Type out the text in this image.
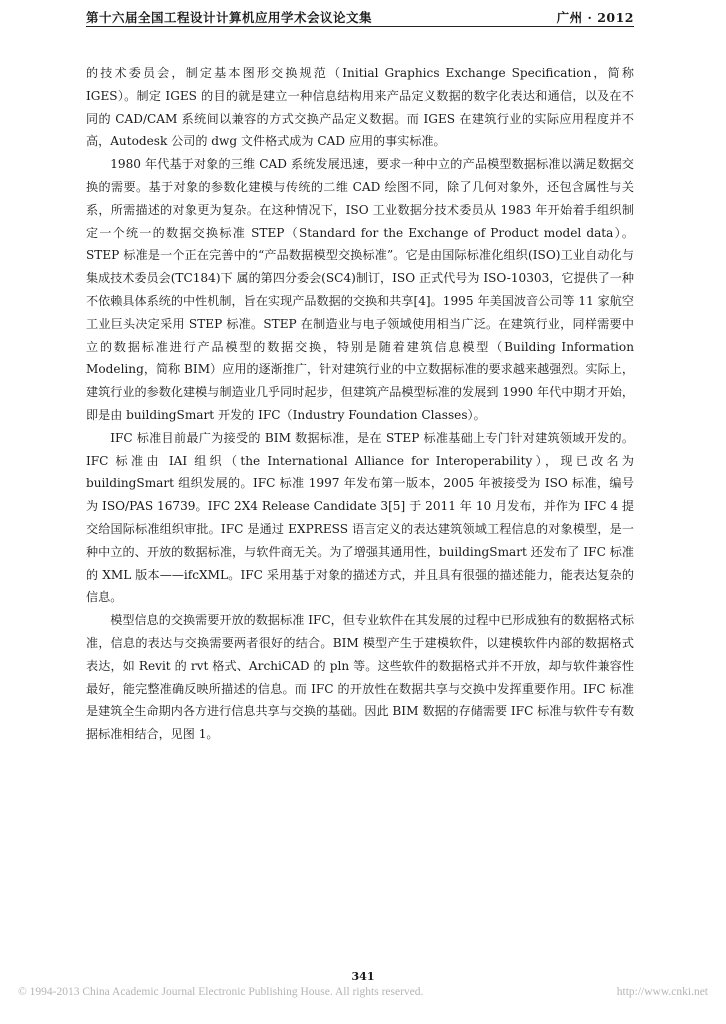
第十六届全国工程设计计算机应用学术会议论文集	广州 · 2012

的技术委员会，制定基本图形交换规范（Initial Graphics Exchange Specification，简称 IGES）。制定 IGES 的目的就是建立一种信息结构用来产品定义数据的数字化表达和通信，以及在不同的 CAD/CAM 系统间以兼容的方式交换产品定义数据。而 IGES 在建筑行业的实际应用程度并不高，Autodesk 公司的 dwg 文件格式成为 CAD 应用的事实标准。

1980 年代基于对象的三维 CAD 系统发展迅速，要求一种中立的产品模型数据标准以满足数据交换的需要。基于对象的参数化建模与传统的二维 CAD 绘图不同，除了几何对象外，还包含属性与关系，所需描述的对象更为复杂。在这种情况下，ISO 工业数据分技术委员从 1983 年开始着手组织制定一个统一的数据交换标准 STEP（Standard for the Exchange of Product model data）。STEP 标准是一个正在完善中的“产品数据模型交换标准”。它是由国际标准化组织(ISO)工业自动化与集成技术委员会(TC184)下 属的第四分委会(SC4)制订，ISO 正式代号为 ISO-10303，它提供了一种不依赖具体系统的中性机制，旨在实现产品数据的交换和共享[4]。1995 年美国波音公司等 11 家航空工业巨头决定采用 STEP 标准。STEP 在制造业与电子领域使用相当广泛。在建筑行业，同样需要中立的数据标准进行产品模型的数据交换，特别是随着建筑信息模型（Building Information Modeling，简称 BIM）应用的逐渐推广，针对建筑行业的中立数据标准的要求越来越强烈。实际上，建筑行业的参数化建模与制造业几乎同时起步，但建筑产品模型标准的发展到 1990 年代中期才开始，即是由 buildingSmart 开发的 IFC（Industry Foundation Classes）。

IFC 标准目前最广为接受的 BIM 数据标准，是在 STEP 标准基础上专门针对建筑领域开发的。IFC 标准由 IAI 组织（the International Alliance for Interoperability），现已改名为 buildingSmart 组织发展的。IFC 标准 1997 年发布第一版本，2005 年被接受为 ISO 标准，编号为 ISO/PAS 16739。IFC 2X4 Release Candidate 3[5] 于 2011 年 10 月发布，并作为 IFC 4 提交给国际标准组织审批。IFC 是通过 EXPRESS 语言定义的表达建筑领域工程信息的对象模型，是一种中立的、开放的数据标准，与软件商无关。为了增强其通用性，buildingSmart 还发布了 IFC 标准的 XML 版本——ifcXML。IFC 采用基于对象的描述方式，并且具有很强的描述能力，能表达复杂的信息。

模型信息的交换需要开放的数据标准 IFC，但专业软件在其发展的过程中已形成独有的数据格式标准，信息的表达与交换需要两者很好的结合。BIM 模型产生于建模软件，以建模软件内部的数据格式表达，如 Revit 的 rvt 格式、ArchiCAD 的 pln 等。这些软件的数据格式并不开放，却与软件兼容性最好，能完整准确反映所描述的信息。而 IFC 的开放性在数据共享与交换中发挥重要作用。IFC 标准是建筑全生命期内各方进行信息共享与交换的基础。因此 BIM 数据的存储需要 IFC 标准与软件专有数据标准相结合，见图 1。

341
© 1994-2013 China Academic Journal Electronic Publishing House. All rights reserved.	http://www.cnki.net
